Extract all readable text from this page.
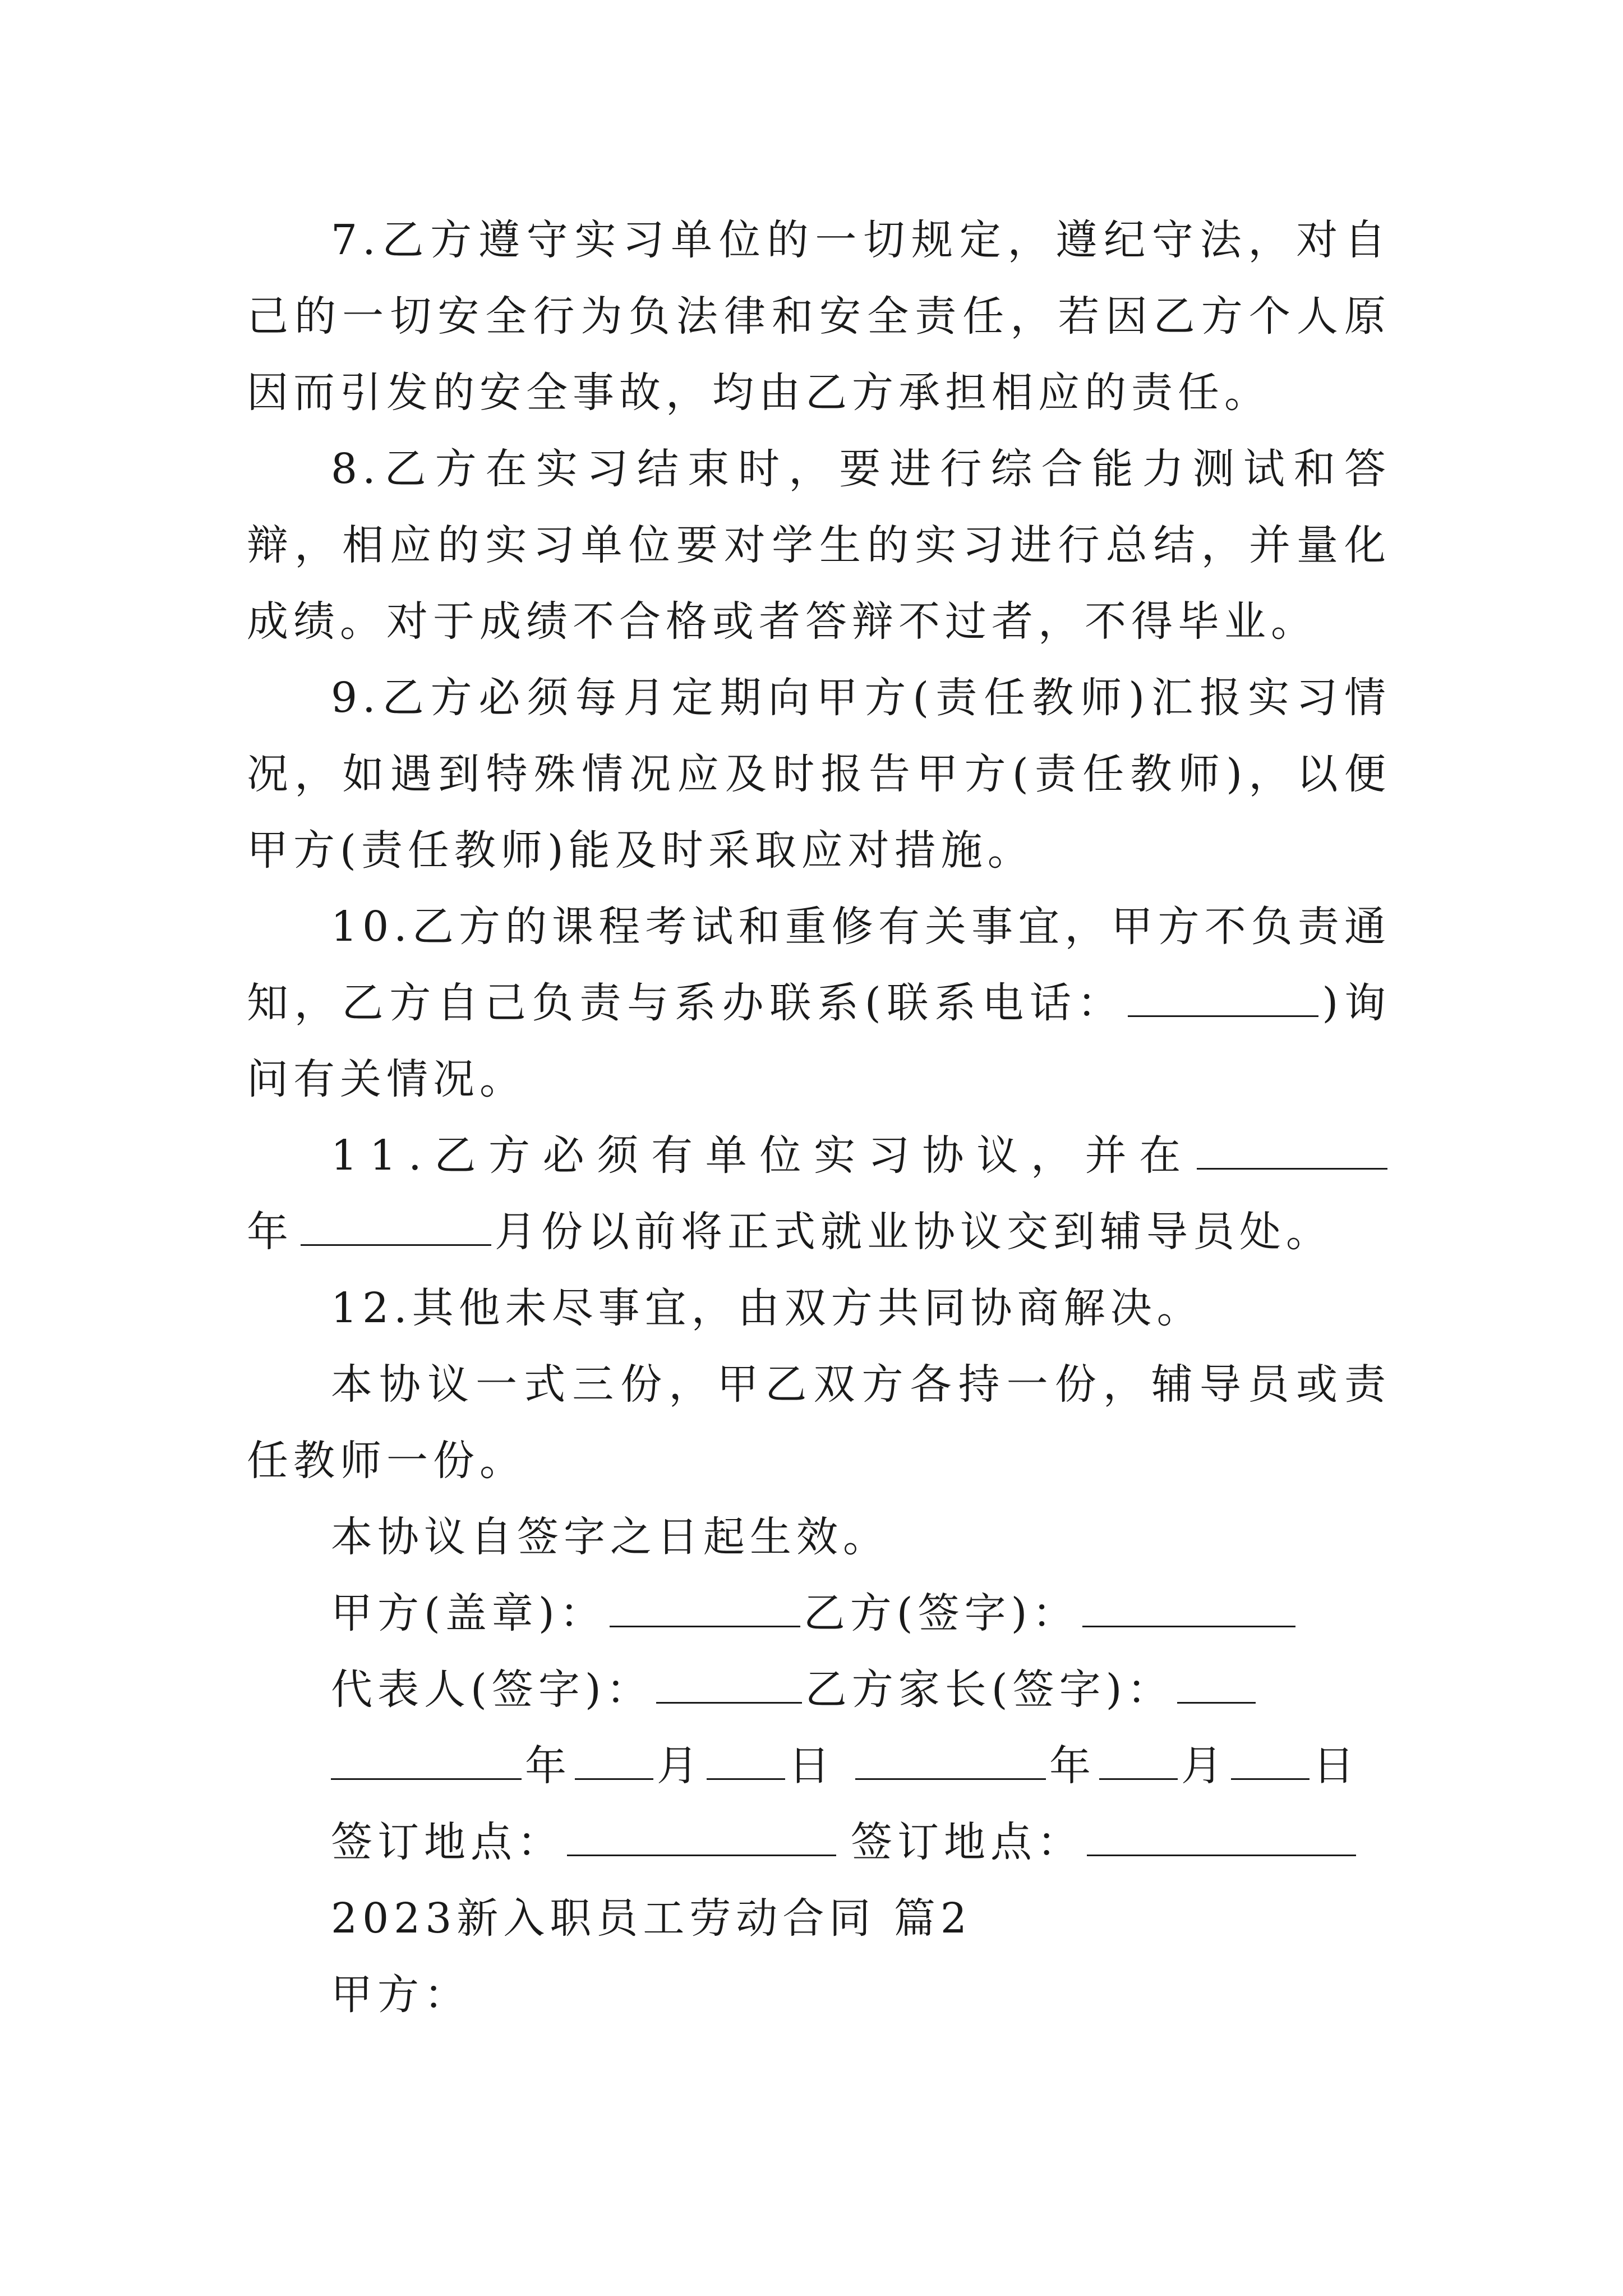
7.乙方遵守实习单位的一切规定，遵纪守法，对自己的一切安全行为负法律和安全责任，若因乙方个人原因而引发的安全事故，均由乙方承担相应的责任。

8.乙方在实习结束时，要进行综合能力测试和答辩，相应的实习单位要对学生的实习进行总结，并量化成绩。对于成绩不合格或者答辩不过者，不得毕业。

9.乙方必须每月定期向甲方(责任教师)汇报实习情况，如遇到特殊情况应及时报告甲方(责任教师)，以便甲方(责任教师)能及时采取应对措施。

10.乙方的课程考试和重修有关事宜，甲方不负责通知，乙方自己负责与系办联系(联系电话：	)询问有关情况。

11.乙方必须有单位实习协议，并在年	月份以前将正式就业协议交到辅导员处。

12.其他未尽事宜，由双方共同协商解决。

本协议一式三份，甲乙双方各持一份，辅导员或责任教师一份。

本协议自签字之日起生效。

甲方(盖章)：	乙方(签字)：

代表人(签字)：	乙方家长(签字)：

年 月 日	年 月 日

签订地点：	签订地点：

2023新入职员工劳动合同 篇2

甲方：
